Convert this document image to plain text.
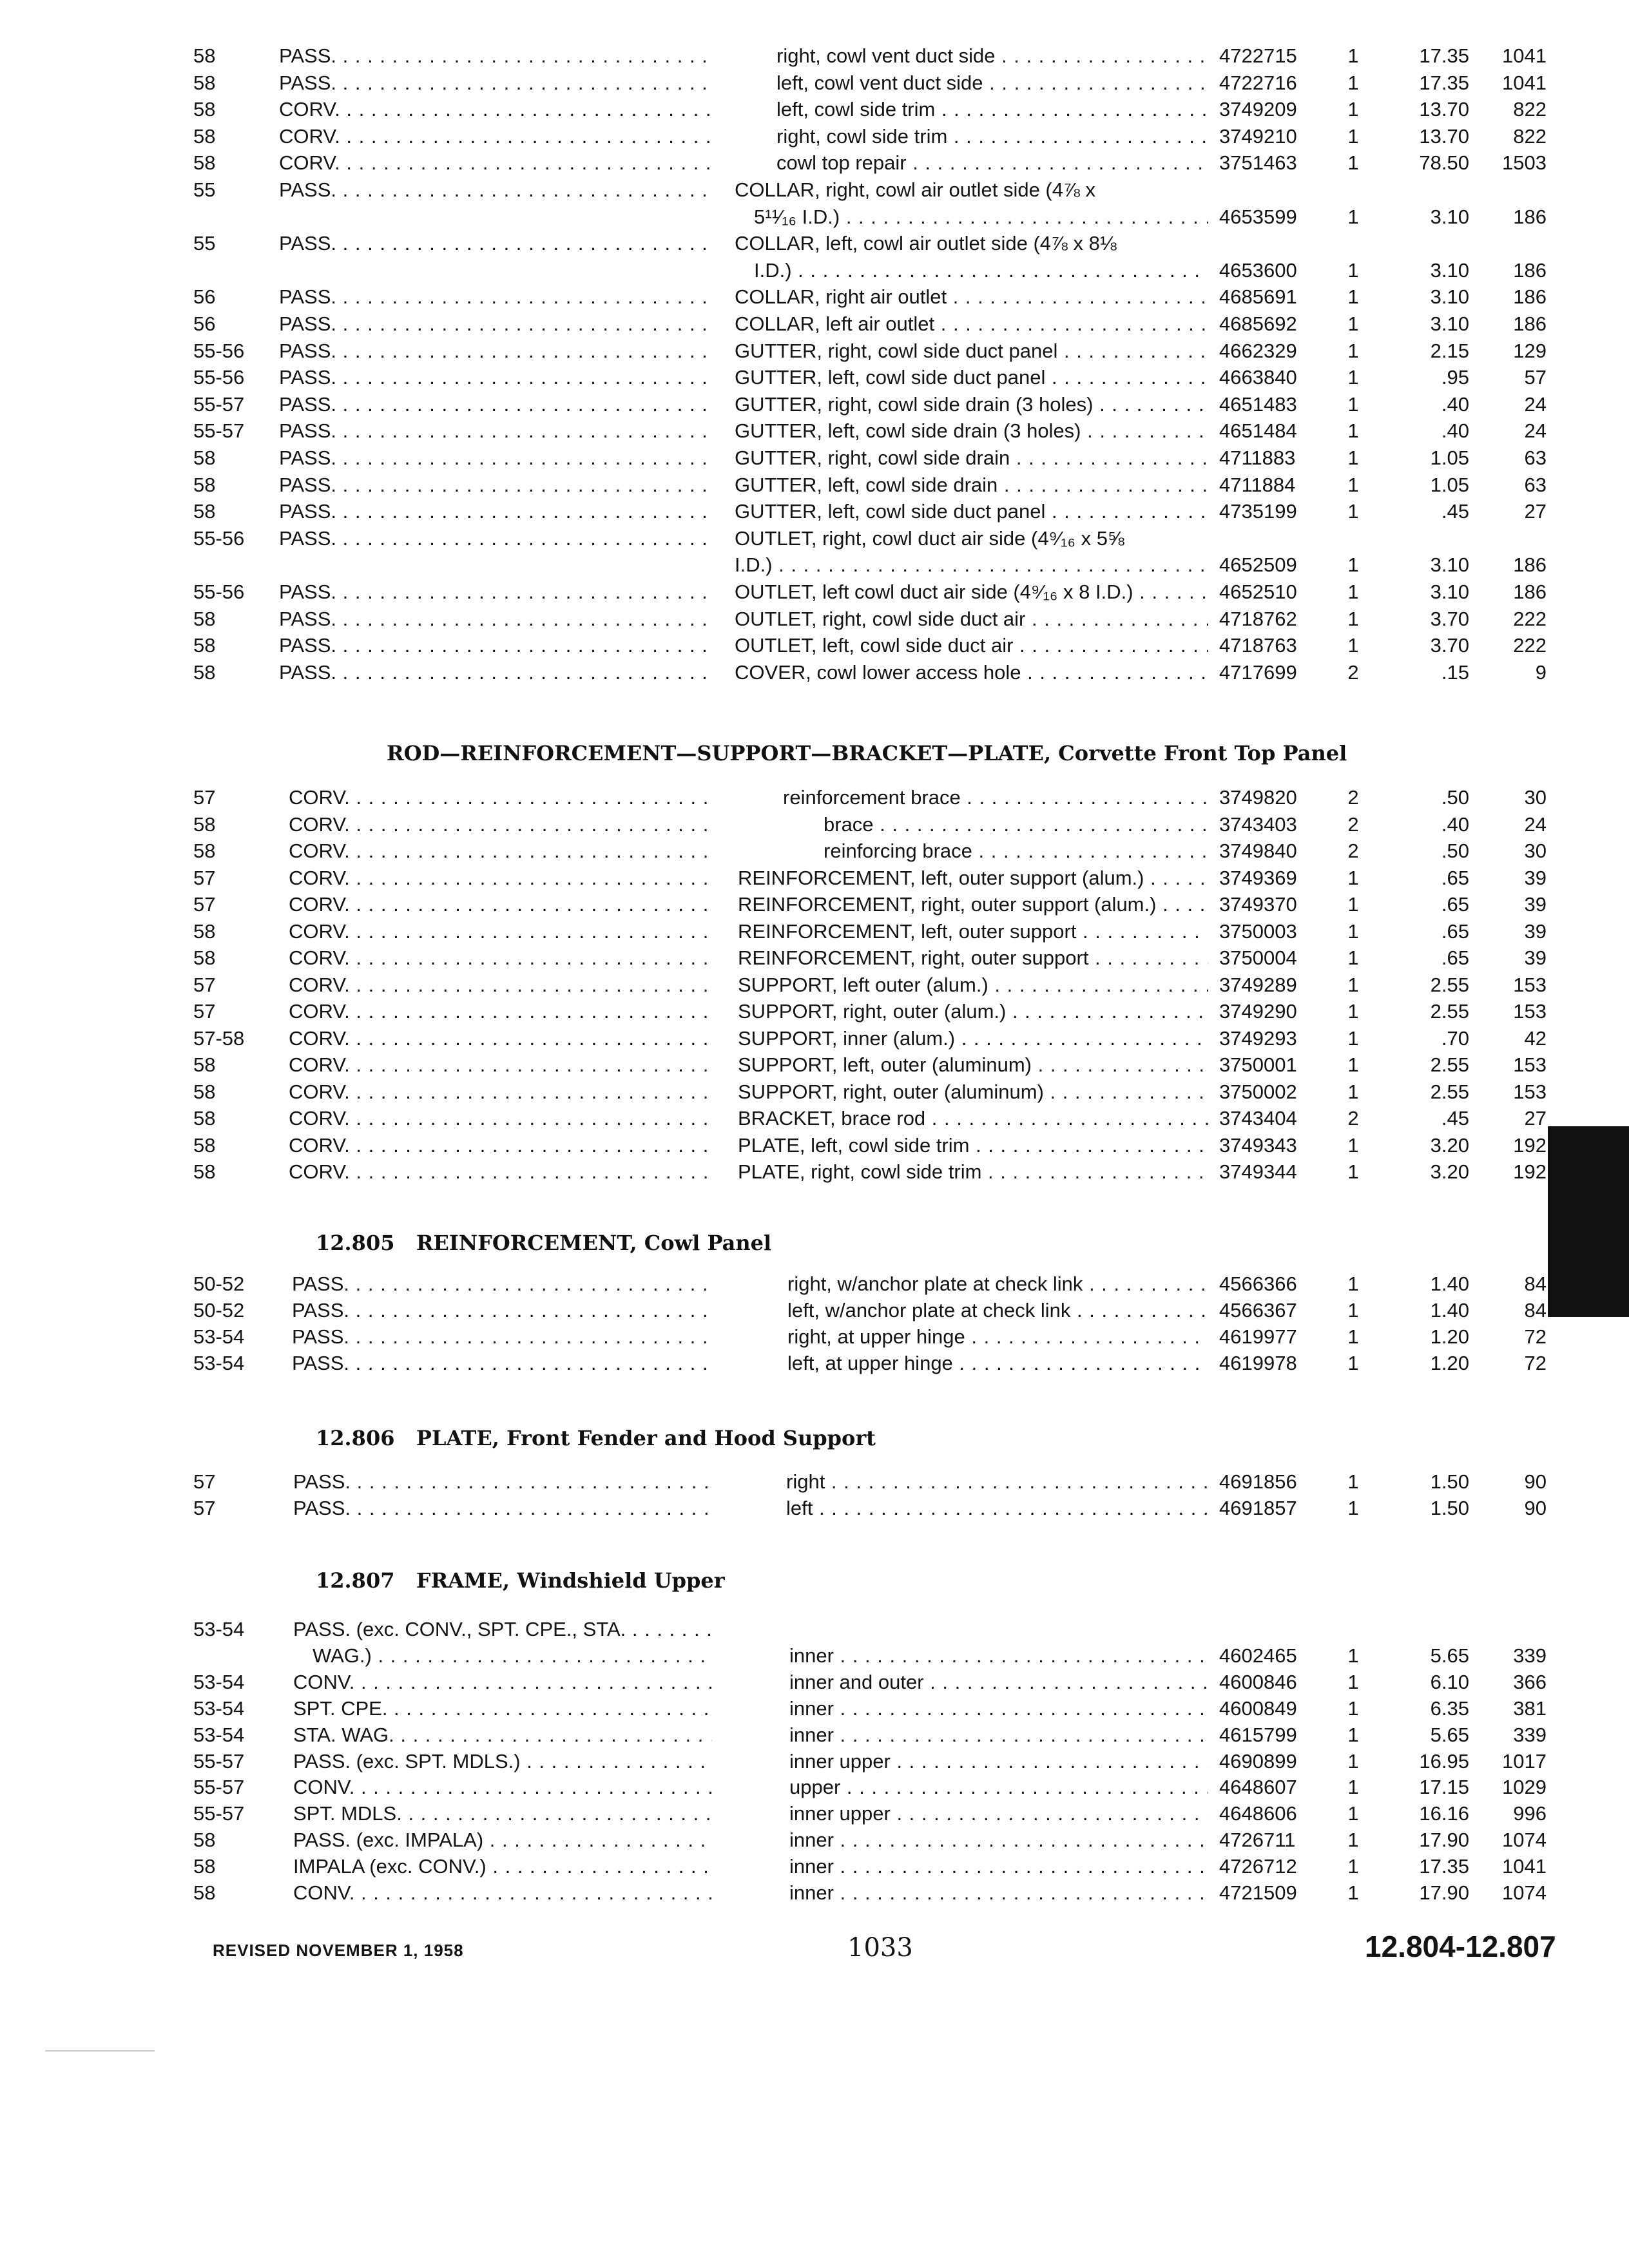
58	PASS. . . .	right, cowl vent duct side . . .	4722715	1	17.35	1041
58	PASS. . . .	left, cowl vent duct side . . .	4722716	1	17.35	1041
58	CORV. . . .	left, cowl side trim . . .	3749209	1	13.70	822
58	CORV. . . .	right, cowl side trim . . .	3749210	1	13.70	822
58	CORV. . . .	cowl top repair . . .	3751463	1	78.50	1503
55	PASS. . . .	COLLAR, right, cowl air outlet side (4⅞ x
5¹¹⁄₁₆ I.D.) . . .	4653599	1	3.10	186
55	PASS. . . .	COLLAR, left, cowl air outlet side (4⅞ x 8⅛
I.D.) . . .	4653600	1	3.10	186
56	PASS. . . .	COLLAR, right air outlet . . .	4685691	1	3.10	186
56	PASS. . . .	COLLAR, left air outlet . . .	4685692	1	3.10	186
55-56	PASS. . . .	GUTTER, right, cowl side duct panel . . .	4662329	1	2.15	129
55-56	PASS. . . .	GUTTER, left, cowl side duct panel . . .	4663840	1	.95	57
55-57	PASS. . . .	GUTTER, right, cowl side drain (3 holes) . . .	4651483	1	.40	24
55-57	PASS. . . .	GUTTER, left, cowl side drain (3 holes) . . .	4651484	1	.40	24
58	PASS. . . .	GUTTER, right, cowl side drain . . .	4711883	1	1.05	63
58	PASS. . . .	GUTTER, left, cowl side drain . . .	4711884	1	1.05	63
58	PASS. . . .	GUTTER, left, cowl side duct panel . . .	4735199	1	.45	27
55-56	PASS. . . .	OUTLET, right, cowl duct air side (4⁹⁄₁₆ x 5⅝
I.D.) . . .	4652509	1	3.10	186
55-56	PASS. . . .	OUTLET, left cowl duct air side (4⁹⁄₁₆ x 8 I.D.) . . .	4652510	1	3.10	186
58	PASS. . . .	OUTLET, right, cowl side duct air . . .	4718762	1	3.70	222
58	PASS. . . .	OUTLET, left, cowl side duct air . . .	4718763	1	3.70	222
58	PASS. . . .	COVER, cowl lower access hole . . .	4717699	2	.15	9
ROD—REINFORCEMENT—SUPPORT—BRACKET—PLATE, Corvette Front Top Panel
57	CORV. . . .	reinforcement brace . . .	3749820	2	.50	30
58	CORV. . . .	brace . . .	3743403	2	.40	24
58	CORV. . . .	reinforcing brace . . .	3749840	2	.50	30
57	CORV. . . .	REINFORCEMENT, left, outer support (alum.) . . .	3749369	1	.65	39
57	CORV. . . .	REINFORCEMENT, right, outer support (alum.) . . .	3749370	1	.65	39
58	CORV. . . .	REINFORCEMENT, left, outer support . . .	3750003	1	.65	39
58	CORV. . . .	REINFORCEMENT, right, outer support . . .	3750004	1	.65	39
57	CORV. . . .	SUPPORT, left outer (alum.) . . .	3749289	1	2.55	153
57	CORV. . . .	SUPPORT, right, outer (alum.) . . .	3749290	1	2.55	153
57-58	CORV. . . .	SUPPORT, inner (alum.) . . .	3749293	1	.70	42
58	CORV. . . .	SUPPORT, left, outer (aluminum) . . .	3750001	1	2.55	153
58	CORV. . . .	SUPPORT, right, outer (aluminum) . . .	3750002	1	2.55	153
58	CORV. . . .	BRACKET, brace rod . . .	3743404	2	.45	27
58	CORV. . . .	PLATE, left, cowl side trim . . .	3749343	1	3.20	192
58	CORV. . . .	PLATE, right, cowl side trim . . .	3749344	1	3.20	192
12.805 REINFORCEMENT, Cowl Panel
50-52	PASS. . . .	right, w/anchor plate at check link . . .	4566366	1	1.40	84
50-52	PASS. . . .	left, w/anchor plate at check link . . .	4566367	1	1.40	84
53-54	PASS. . . .	right, at upper hinge . . .	4619977	1	1.20	72
53-54	PASS. . . .	left, at upper hinge . . .	4619978	1	1.20	72
12.806 PLATE, Front Fender and Hood Support
57	PASS. . . .	right . . .	4691856	1	1.50	90
57	PASS. . . .	left . . .	4691857	1	1.50	90
12.807 FRAME, Windshield Upper
53-54	PASS. (exc. CONV., SPT. CPE., STA. . . .
WAG.) . . .	inner . . .	4602465	1	5.65	339
53-54	CONV. . . .	inner and outer . . .	4600846	1	6.10	366
53-54	SPT. CPE. . . .	inner . . .	4600849	1	6.35	381
53-54	STA. WAG. . . .	inner . . .	4615799	1	5.65	339
55-57	PASS. (exc. SPT. MDLS.) . . .	inner upper . . .	4690899	1	16.95	1017
55-57	CONV. . . .	upper . . .	4648607	1	17.15	1029
55-57	SPT. MDLS. . . .	inner upper . . .	4648606	1	16.16	996
58	PASS. (exc. IMPALA) . . .	inner . . .	4726711	1	17.90	1074
58	IMPALA (exc. CONV.) . . .	inner . . .	4726712	1	17.35	1041
58	CONV. . . .	inner . . .	4721509	1	17.90	1074
REVISED NOVEMBER 1, 1958	1033	12.804-12.807
